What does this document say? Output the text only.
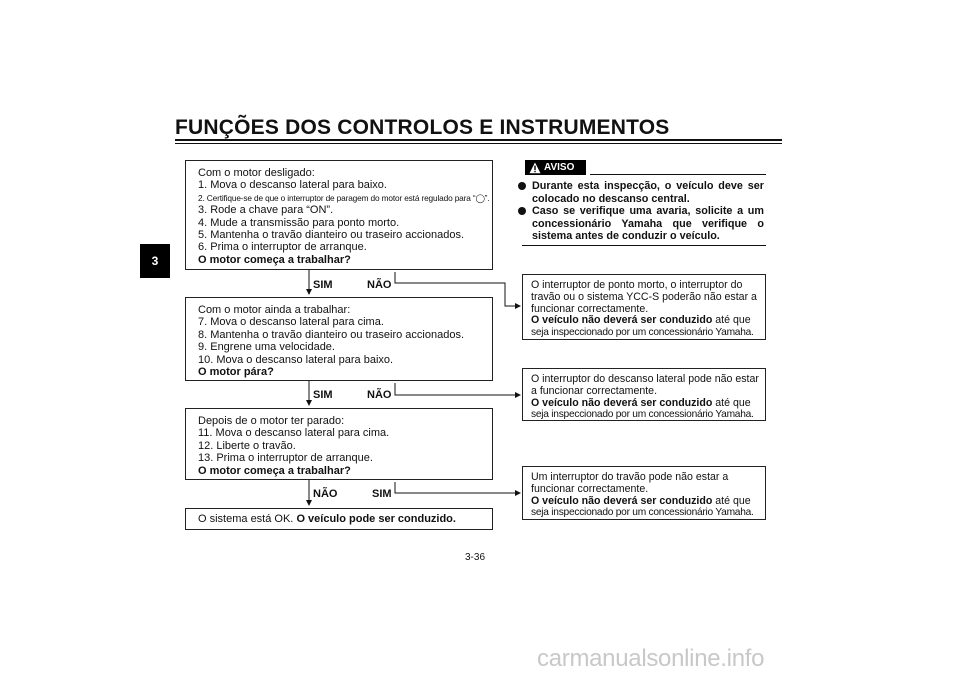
FUNÇÕES DOS CONTROLOS E INSTRUMENTOS
3
Com o motor desligado:
1. Mova o descanso lateral para baixo.
2. Certifique-se de que o interruptor de paragem do motor está regulado para “◯”.
3. Rode a chave para “ON”.
4. Mude a transmissão para ponto morto.
5. Mantenha o travão dianteiro ou traseiro accionados.
6. Prima o interruptor de arranque.
O motor começa a trabalhar?
SIM	NÃO
Com o motor ainda a trabalhar:
7. Mova o descanso lateral para cima.
8. Mantenha o travão dianteiro ou traseiro accionados.
9. Engrene uma velocidade.
10. Mova o descanso lateral para baixo.
O motor pára?
SIM	NÃO
Depois de o motor ter parado:
11. Mova o descanso lateral para cima.
12. Liberte o travão.
13. Prima o interruptor de arranque.
O motor começa a trabalhar?
NÃO	SIM
O sistema está OK. O veículo pode ser conduzido.
AVISO
Durante esta inspecção, o veículo deve ser colocado no descanso central.
Caso se verifique uma avaria, solicite a um concessionário Yamaha que verifique o sistema antes de conduzir o veículo.
O interruptor de ponto morto, o interruptor do
travão ou o sistema YCC-S poderão não estar a
funcionar correctamente.
O veículo não deverá ser conduzido até que
seja inspeccionado por um concessionário Yamaha.
O interruptor do descanso lateral pode não estar
a funcionar correctamente.
O veículo não deverá ser conduzido até que
seja inspeccionado por um concessionário Yamaha.
Um interruptor do travão pode não estar a
funcionar correctamente.
O veículo não deverá ser conduzido até que
seja inspeccionado por um concessionário Yamaha.
3-36
carmanualsonline.info
